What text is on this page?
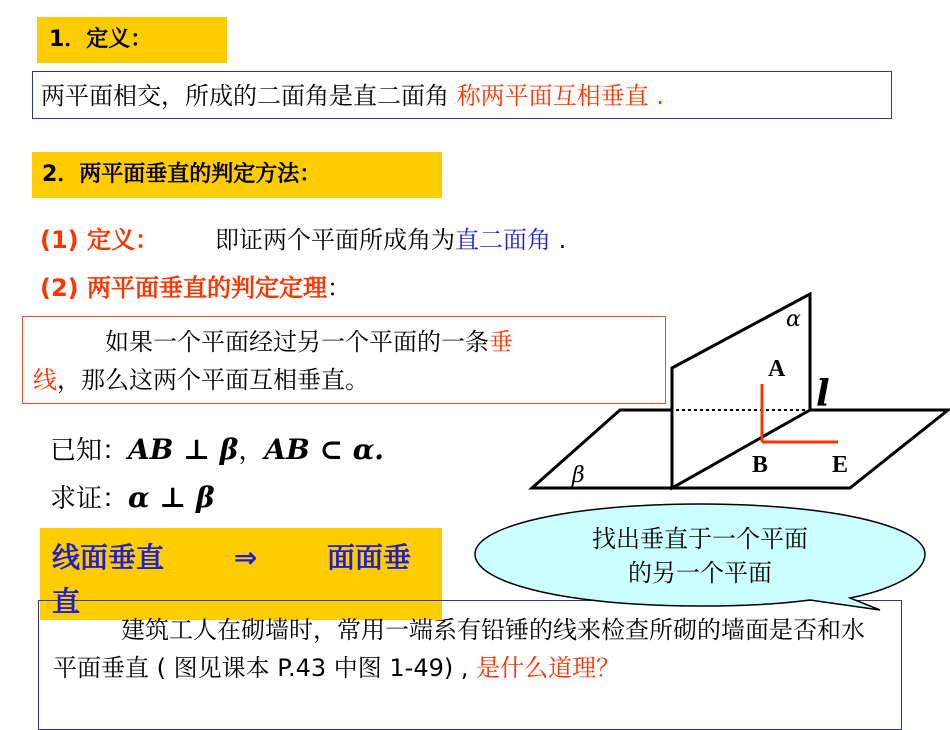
1．定义：
两平面相交，所成的二面角是直二面角 称两平面互相垂直 .
2．两平面垂直的判定方法：
(1) 定义： 即证两个平面所成角为直二面角 .
(2) 两平面垂直的判定定理：
如果一个平面经过另一个平面的一条垂
线，那么这两个平面互相垂直。
已知：AB ⊥ β，AB ⊂ α.
求证：α ⊥ β
线面垂直 ⇒ 面面垂直
建筑工人在砌墙时，常用一端系有铅锤的线来检查所砌的墙面是否和水平面垂直 ( 图见课本 P.43 中图 1-49) , 是什么道理？
α
β
l
A
B	E
找出垂直于一个平面
的另一个平面
